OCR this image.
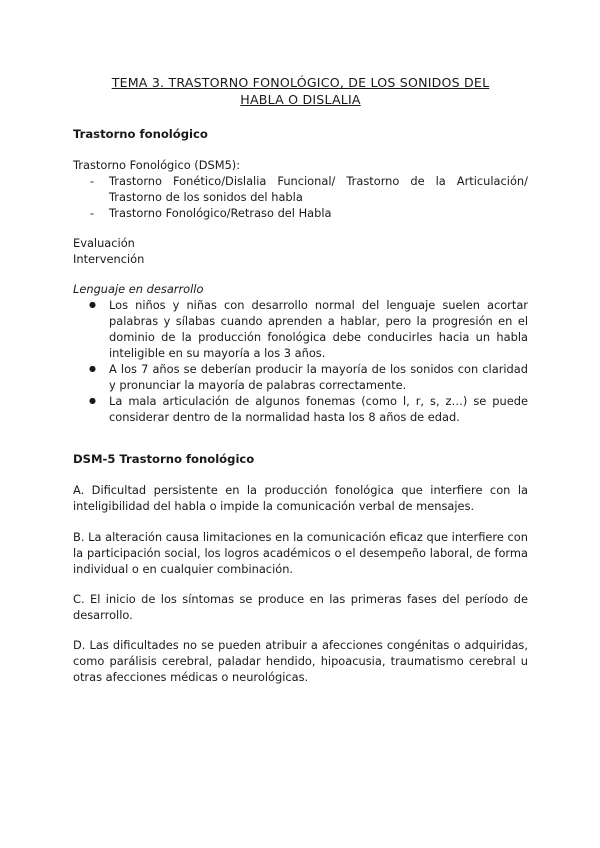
TEMA 3. TRASTORNO FONOLÓGICO, DE LOS SONIDOS DEL
HABLA O DISLALIA
Trastorno fonológico
Trastorno Fonológico (DSM5):
- Trastorno Fonético/Dislalia Funcional/ Trastorno de la Articulación/ Trastorno de los sonidos del habla
- Trastorno Fonológico/Retraso del Habla
Evaluación
Intervención
Lenguaje en desarrollo
● Los niños y niñas con desarrollo normal del lenguaje suelen acortar palabras y sílabas cuando aprenden a hablar, pero la progresión en el dominio de la producción fonológica debe conducirles hacia un habla inteligible en su mayoría a los 3 años.
● A los 7 años se deberían producir la mayoría de los sonidos con claridad y pronunciar la mayoría de palabras correctamente.
● La mala articulación de algunos fonemas (como l, r, s, z…) se puede considerar dentro de la normalidad hasta los 8 años de edad.
DSM-5 Trastorno fonológico

A. Dificultad persistente en la producción fonológica que interfiere con la inteligibilidad del habla o impide la comunicación verbal de mensajes.

B. La alteración causa limitaciones en la comunicación eficaz que interfiere con la participación social, los logros académicos o el desempeño laboral, de forma individual o en cualquier combinación.

C. El inicio de los síntomas se produce en las primeras fases del período de desarrollo.

D. Las dificultades no se pueden atribuir a afecciones congénitas o adquiridas, como parálisis cerebral, paladar hendido, hipoacusia, traumatismo cerebral u otras afecciones médicas o neurológicas.
